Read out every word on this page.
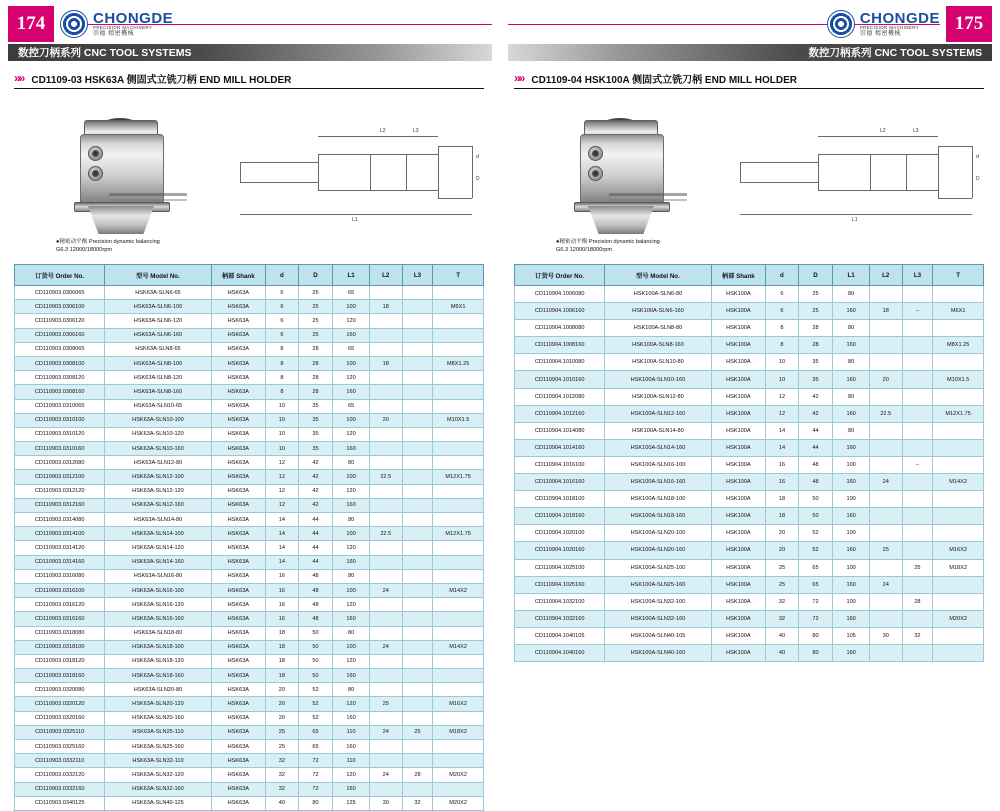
174	CHONGDE
PRECISION MACHINERY
崇德 精密機械
数控刀柄系列 CNC TOOL SYSTEMS
»» CD1109-03 HSK63A 侧固式立铣刀柄 END MILL HOLDER
●精密动平衡 Precision dynamic balancing
G6.3 12000/18000rpm
L2	L3
L1
d
D
订货号 Order No.	型号 Model No.	柄部 Shank	d	D	L1	L2	L3	T
CD110903.0306065	HSK63A-SLN6-65	HSK63A	6	25	65			
CD110903.0306100	HSK63A-SLN6-100	HSK63A	6	25	100	18		M6X1
CD110903.0306120	HSK63A-SLN6-120	HSK63A	6	25	120			
CD110903.0306160	HSK63A-SLN6-160	HSK63A	6	25	160			
CD110903.0308065	HSK63A-SLN8-65	HSK63A	8	28	65			
CD110903.0308100	HSK63A-SLN8-100	HSK63A	8	28	100	18		M8X1.25
CD110903.0308120	HSK63A-SLN8-120	HSK63A	8	28	120			
CD110903.0308160	HSK63A-SLN8-160	HSK63A	8	28	160			
CD110903.0310065	HSK63A-SLN10-65	HSK63A	10	35	65			
CD110903.0310100	HSK63A-SLN10-100	HSK63A	10	35	100	20		M10X1.5
CD110903.0310120	HSK63A-SLN10-120	HSK63A	10	35	120			
CD110903.0310160	HSK63A-SLN10-160	HSK63A	10	35	160			
CD110903.0312080	HSK63A-SLN12-80	HSK63A	12	42	80			
CD110903.0312100	HSK63A-SLN12-100	HSK63A	12	42	100	22.5		M12X1.75
CD110903.0312120	HSK63A-SLN12-120	HSK63A	12	42	120			
CD110903.0312160	HSK63A-SLN12-160	HSK63A	12	42	160			
CD110903.0314080	HSK63A-SLN14-80	HSK63A	14	44	80			
CD110903.0314100	HSK63A-SLN14-100	HSK63A	14	44	100	22.5		M12X1.75
CD110903.0314120	HSK63A-SLN14-120	HSK63A	14	44	120			
CD110903.0314160	HSK63A-SLN14-160	HSK63A	14	44	160			
CD110903.0316080	HSK63A-SLN16-80	HSK63A	16	48	80			
CD110903.0316100	HSK63A-SLN16-100	HSK63A	16	48	100	24		M14X2
CD110903.0316120	HSK63A-SLN16-120	HSK63A	16	48	120			
CD110903.0316160	HSK63A-SLN16-160	HSK63A	16	48	160			
CD110903.0318080	HSK63A-SLN18-80	HSK63A	18	50	80			
CD110903.0318100	HSK63A-SLN18-100	HSK63A	18	50	100	24		M14X2
CD110903.0318120	HSK63A-SLN18-120	HSK63A	18	50	120			
CD110903.0318160	HSK63A-SLN18-160	HSK63A	18	50	160			
CD110903.0320080	HSK63A-SLN20-80	HSK63A	20	52	80			
CD110903.0320120	HSK63A-SLN20-120	HSK63A	20	52	120	25		M16X2
CD110903.0320160	HSK63A-SLN20-160	HSK63A	20	52	160			
CD110903.0325110	HSK63A-SLN25-110	HSK63A	25	65	110	24	25	M18X2
CD110903.0325160	HSK63A-SLN25-160	HSK63A	25	65	160			
CD110903.0332110	HSK63A-SLN32-110	HSK63A	32	72	110			
CD110903.0332120	HSK63A-SLN32-120	HSK63A	32	72	120	24	28	M20X2
CD110903.0332160	HSK63A-SLN32-160	HSK63A	32	72	160			
CD110903.0340125	HSK63A-SLN40-125	HSK63A	40	80	125	30	32	M20X2
175
CHONGDE
PRECISION MACHINERY
崇德 精密機械
数控刀柄系列 CNC TOOL SYSTEMS
»» CD1109-04 HSK100A 侧固式立铣刀柄 END MILL HOLDER
●精密动平衡 Precision dynamic balancing
G6.3 12000/18000rpm
L2	L3
L1
d
D
订货号 Order No.	型号 Model No.	柄部 Shank	d	D	L1	L2	L3	T
CD110904.1006080	HSK100A-SLN6-80	HSK100A	6	25	80			
CD110904.1006160	HSK100A-SLN6-160	HSK100A	6	25	160	18	–	M6X1
CD110904.1008080	HSK100A-SLN8-80	HSK100A	8	28	80			
CD110904.1008160	HSK100A-SLN8-160	HSK100A	8	28	160			M8X1.25
CD110904.1010080	HSK100A-SLN10-80	HSK100A	10	35	80			
CD110904.1010160	HSK100A-SLN10-160	HSK100A	10	35	160	20		M10X1.5
CD110904.1012080	HSK100A-SLN12-80	HSK100A	12	42	80			
CD110904.1012160	HSK100A-SLN12-160	HSK100A	12	42	160	22.5		M12X1.75
CD110904.1014080	HSK100A-SLN14-80	HSK100A	14	44	80			
CD110904.1014160	HSK100A-SLN14-160	HSK100A	14	44	160			
CD110904.1016100	HSK100A-SLN16-100	HSK100A	16	48	100		–	
CD110904.1016160	HSK100A-SLN16-160	HSK100A	16	48	160	24		M14X2
CD110904.1018100	HSK100A-SLN18-100	HSK100A	18	50	100			
CD110904.1018160	HSK100A-SLN18-160	HSK100A	18	50	160			
CD110904.1020100	HSK100A-SLN20-100	HSK100A	20	52	100			
CD110904.1020160	HSK100A-SLN20-160	HSK100A	20	52	160	25		M16X2
CD110904.1025100	HSK100A-SLN25-100	HSK100A	25	65	100		25	M18X2
CD110904.1025160	HSK100A-SLN25-160	HSK100A	25	65	160	24		
CD110904.1032100	HSK100A-SLN32-100	HSK100A	32	72	100		28	
CD110904.1032160	HSK100A-SLN32-160	HSK100A	32	72	160			M20X2
CD110904.1040105	HSK100A-SLN40-105	HSK100A	40	80	105	30	32	
CD110904.1040160	HSK100A-SLN40-160	HSK100A	40	80	160			
